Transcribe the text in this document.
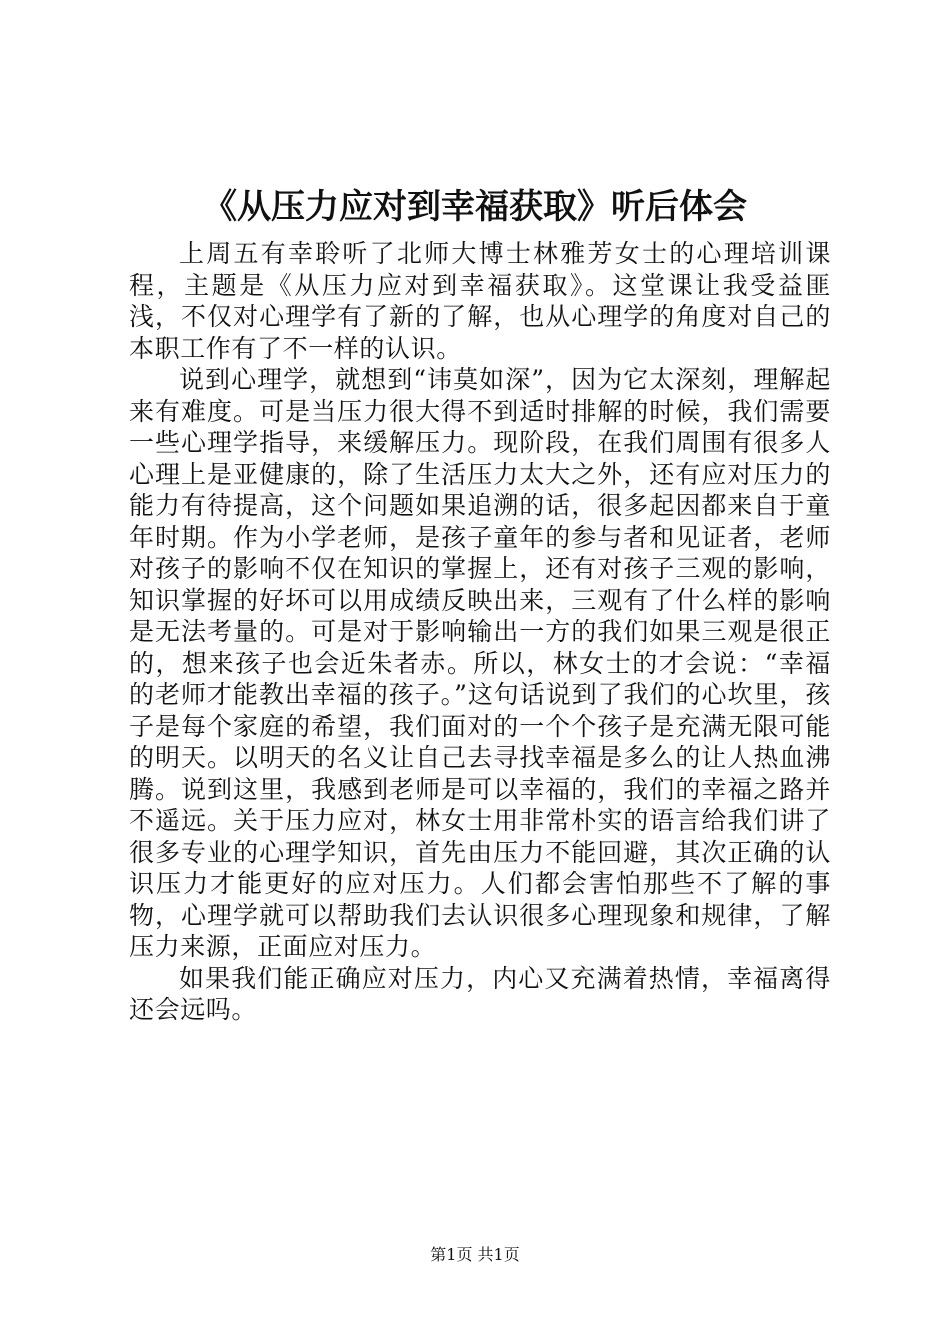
《从压力应对到幸福获取》听后体会

上周五有幸聆听了北师大博士林雅芳女士的心理培训课程，主题是《从压力应对到幸福获取》。这堂课让我受益匪浅，不仅对心理学有了新的了解，也从心理学的角度对自己的本职工作有了不一样的认识。

说到心理学，就想到“讳莫如深”，因为它太深刻，理解起来有难度。可是当压力很大得不到适时排解的时候，我们需要一些心理学指导，来缓解压力。现阶段，在我们周围有很多人心理上是亚健康的，除了生活压力太大之外，还有应对压力的能力有待提高，这个问题如果追溯的话，很多起因都来自于童年时期。作为小学老师，是孩子童年的参与者和见证者，老师对孩子的影响不仅在知识的掌握上，还有对孩子三观的影响，知识掌握的好坏可以用成绩反映出来，三观有了什么样的影响是无法考量的。可是对于影响输出一方的我们如果三观是很正的，想来孩子也会近朱者赤。所以，林女士的才会说：“幸福的老师才能教出幸福的孩子。”这句话说到了我们的心坎里，孩子是每个家庭的希望，我们面对的一个个孩子是充满无限可能的明天。以明天的名义让自己去寻找幸福是多么的让人热血沸腾。说到这里，我感到老师是可以幸福的，我们的幸福之路并不遥远。关于压力应对，林女士用非常朴实的语言给我们讲了很多专业的心理学知识，首先由压力不能回避，其次正确的认识压力才能更好的应对压力。人们都会害怕那些不了解的事物，心理学就可以帮助我们去认识很多心理现象和规律，了解压力来源，正面应对压力。

如果我们能正确应对压力，内心又充满着热情，幸福离得还会远吗。

第1页 共1页
